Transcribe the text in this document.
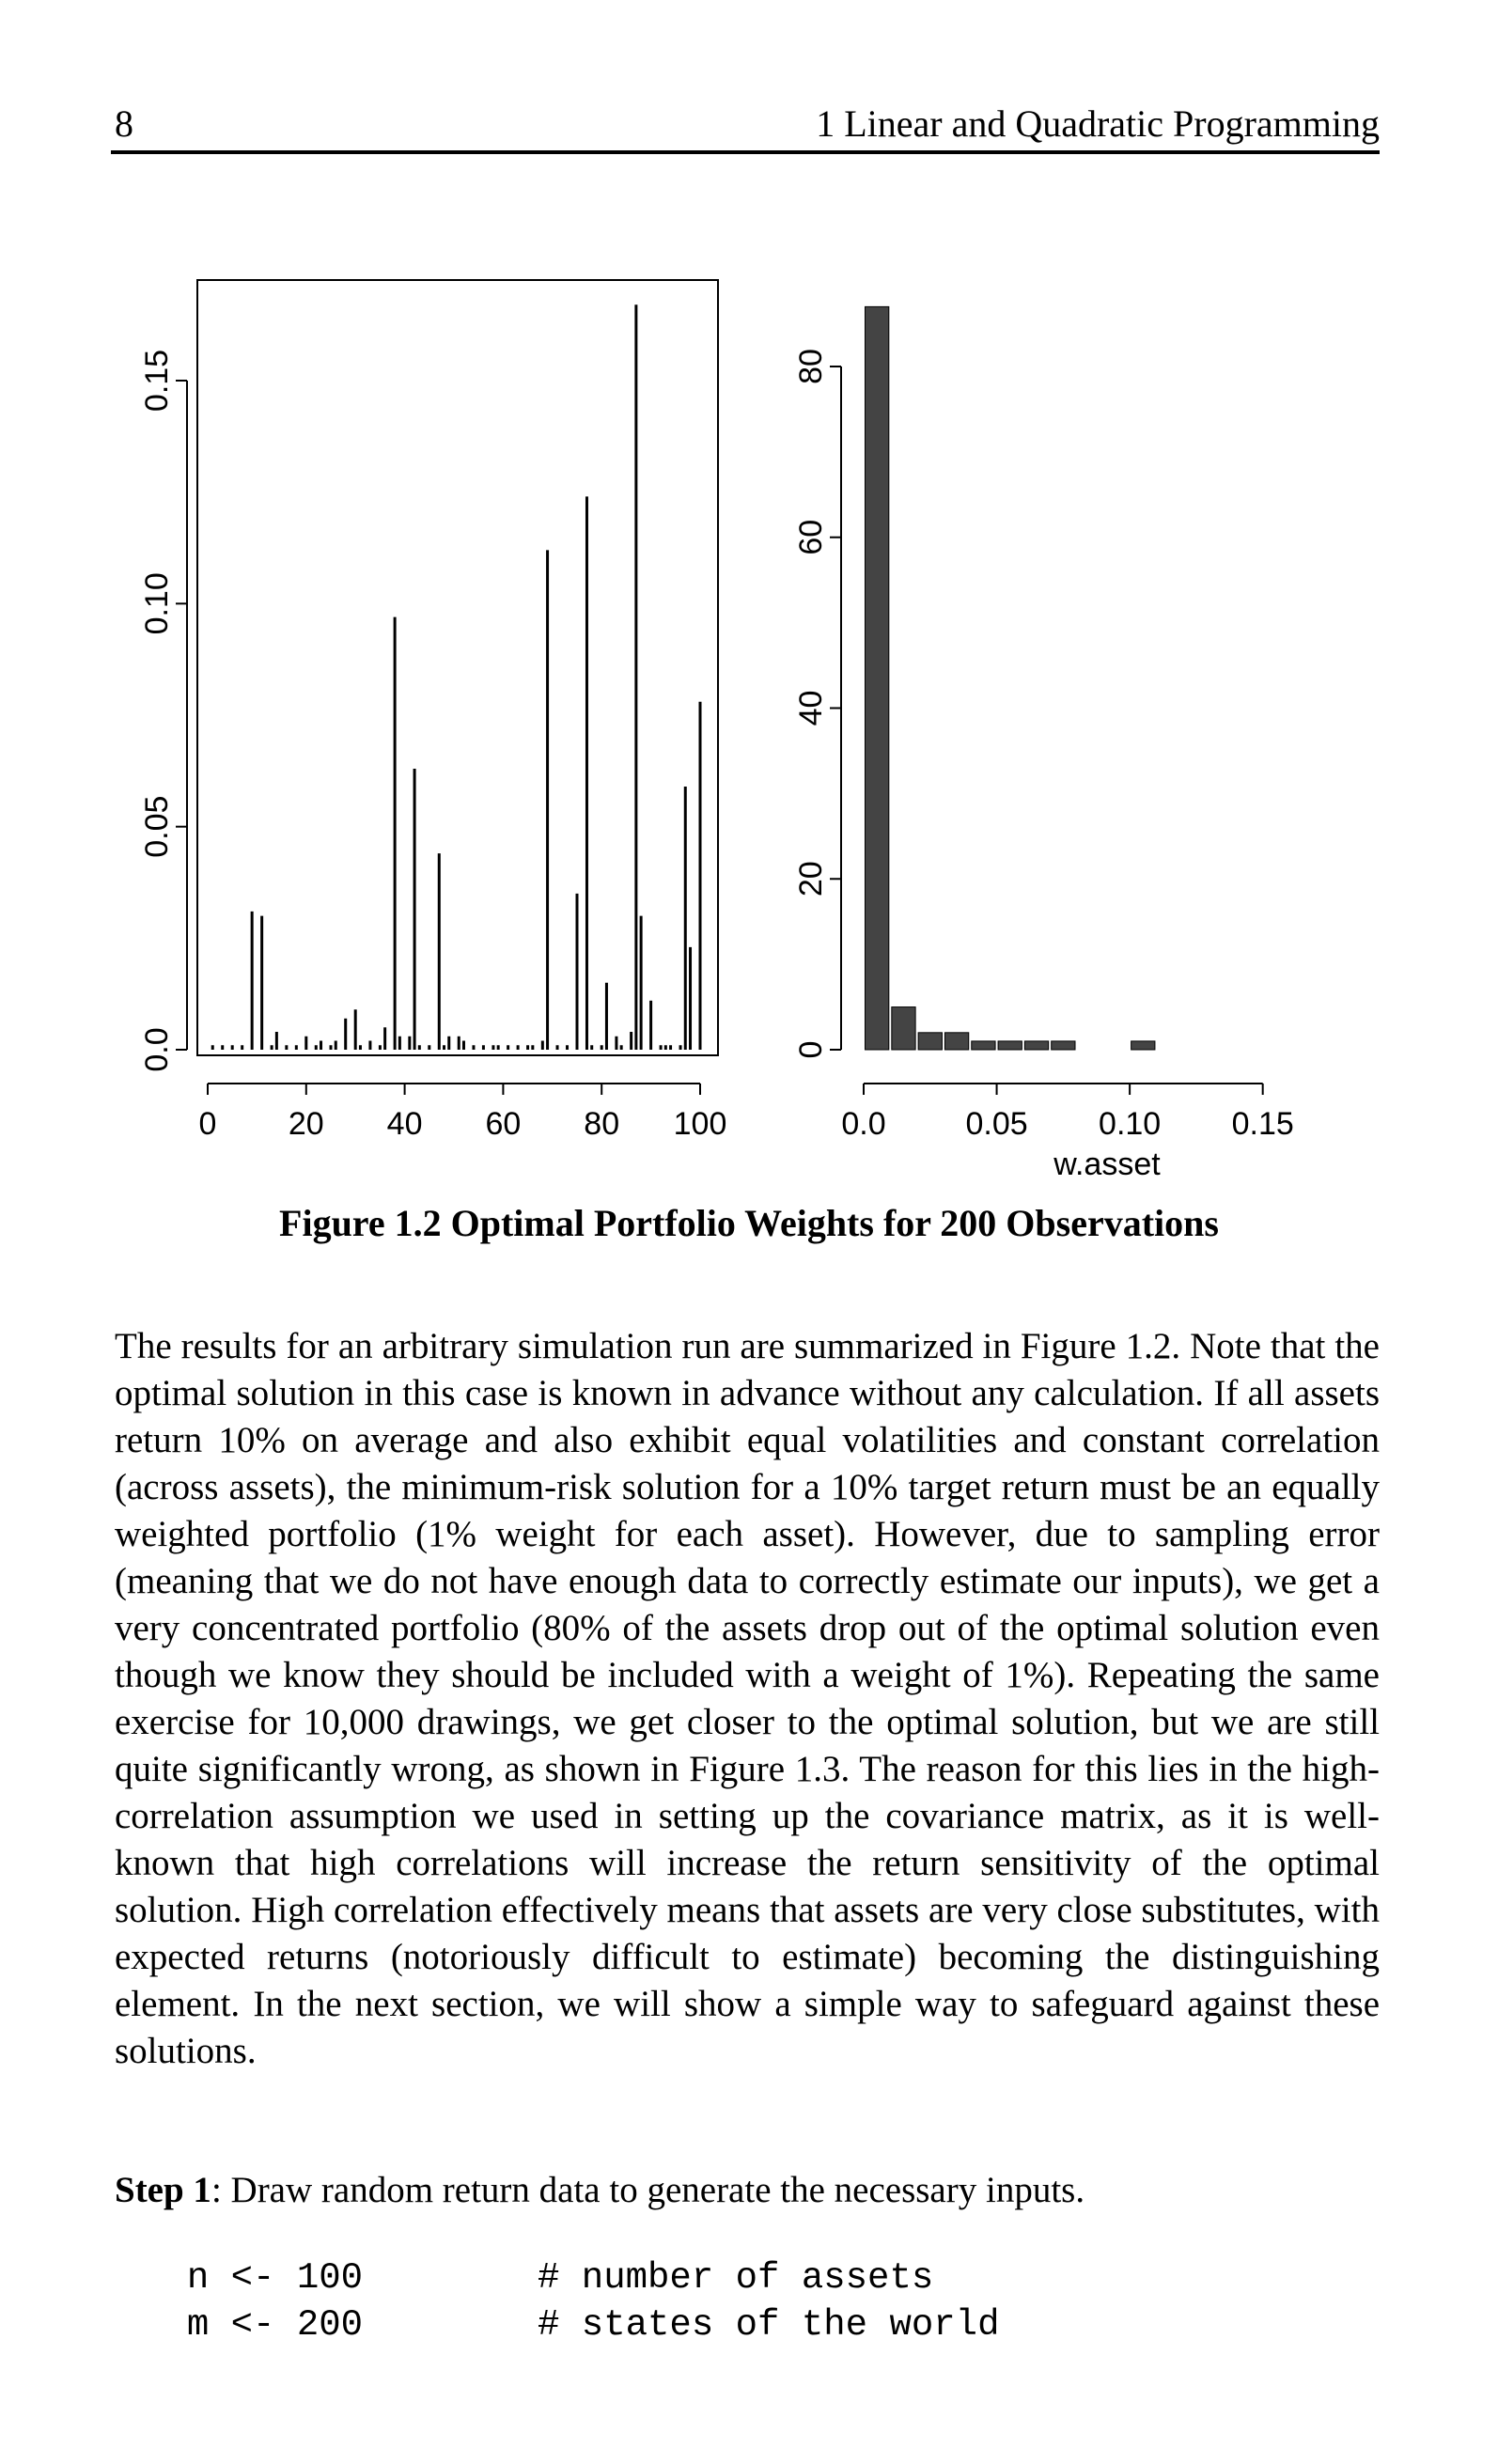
8	1 Linear and Quadratic Programming
0 20 40 60 80 100
0.0
0.05
0.10
0.15
0.0 0.05 0.10 0.15
w.asset
0
20
40
60
80
Figure 1.2 Optimal Portfolio Weights for 200 Observations

The results for an arbitrary simulation run are summarized in Figure 1.2. Note that the optimal solution in this case is known in advance without any calculation. If all assets return 10% on average and also exhibit equal volatilities and constant correlation (across assets), the minimum-risk solution for a 10% target return must be an equally weighted portfolio (1% weight for each asset). However, due to sampling error (meaning that we do not have enough data to correctly estimate our inputs), we get a very concentrated portfolio (80% of the assets drop out of the optimal solution even though we know they should be included with a weight of 1%). Repeating the same exercise for 10,000 drawings, we get closer to the optimal solution, but we are still quite significantly wrong, as shown in Figure 1.3. The reason for this lies in the high-correlation assumption we used in setting up the covariance matrix, as it is well-known that high correlations will increase the return sensitivity of the optimal solution. High correlation effectively means that assets are very close substitutes, with expected returns (notoriously difficult to estimate) becoming the distinguishing element. In the next section, we will show a simple way to safeguard against these solutions.

Step 1: Draw random return data to generate the necessary inputs.

n <- 100	# number of assets

m <- 200	# states of the world
